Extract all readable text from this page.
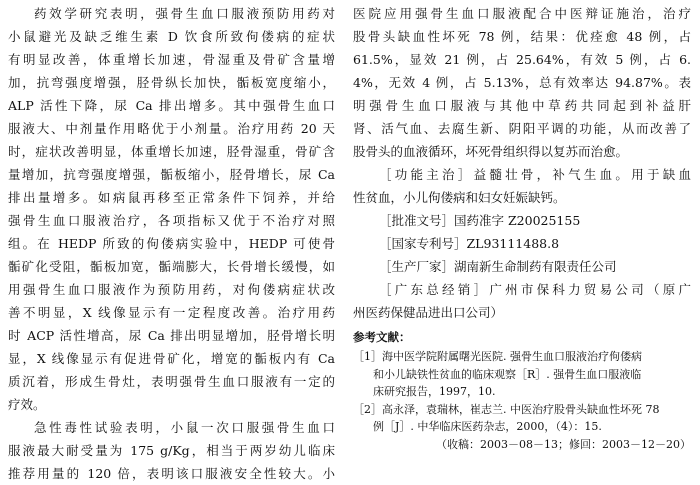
药效学研究表明，强骨生血口服液预防用药对
小鼠避光及缺乏维生素 D 饮食所致佝偻病的症状
有明显改善，体重增长加速，骨湿重及骨矿含量增
加，抗弯强度增强，胫骨纵长加快，骺板宽度缩小，
ALP 活性下降，尿 Ca 排出增多。其中强骨生血口
服液大、中剂量作用略优于小剂量。治疗用药 20 天
时，症状改善明显，体重增长加速，胫骨湿重，骨矿含
量增加，抗弯强度增强，骺板缩小，胫骨增长，尿 Ca
排出量增多。如病鼠再移至正常条件下饲养，并给
强骨生血口服液治疗，各项指标又优于不治疗对照
组。在 HEDP 所致的佝偻病实验中，HEDP 可使骨
骺矿化受阻，骺板加宽，骺端膨大，长骨增长缓慢，如
用强骨生血口服液作为预防用药，对佝偻病症状改
善不明显，X 线像显示有一定程度改善。治疗用药
时 ACP 活性增高，尿 Ca 排出明显增加，胫骨增长明
显，X 线像显示有促进骨矿化，增宽的骺板内有 Ca
质沉着，形成生骨灶，表明强骨生血口服液有一定的
疗效。
急性毒性试验表明，小鼠一次口服强骨生血口
服液最大耐受量为 175 g/Kg，相当于两岁幼儿临床
推荐用量的 120 倍，表明该口服液安全性较大。小
医院应用强骨生血口服液配合中医辩证施治，治疗
股骨头缺血性坏死 78 例，结果：优痊愈 48 例，占
61.5%，显效 21 例，占 25.64%，有效 5 例，占 6.
4%，无效 4 例，占 5.13%，总有效率达 94.87%。表
明强骨生血口服液与其他中草药共同起到补益肝
肾、活气血、去腐生新、阴阳平调的功能，从而改善了
股骨头的血液循环，坏死骨组织得以复苏而治愈。
［功能主治］益髓壮骨，补气生血。用于缺血
性贫血，小儿佝偻病和妇女妊娠缺钙。
［批准文号］国药准字 Z20025155
［国家专利号］ZL93111488.8
［生产厂家］湖南新生命制药有限责任公司
［广东总经销］广州市保科力贸易公司（原广
州医药保健品进出口公司）
参考文献：
［1］海中医学院附属曙光医院. 强骨生血口服液治疗佝偻病
和小儿缺铁性贫血的临床观察［R］. 强骨生血口服液临
床研究报告，1997，10.
［2］高永泽，袁瑞林，崔志兰. 中医治疗股骨头缺血性坏死 78
例［J］. 中华临床医药杂志，2000，（4）：15.
（收稿：2003－08－13；修回：2003－12－20）
